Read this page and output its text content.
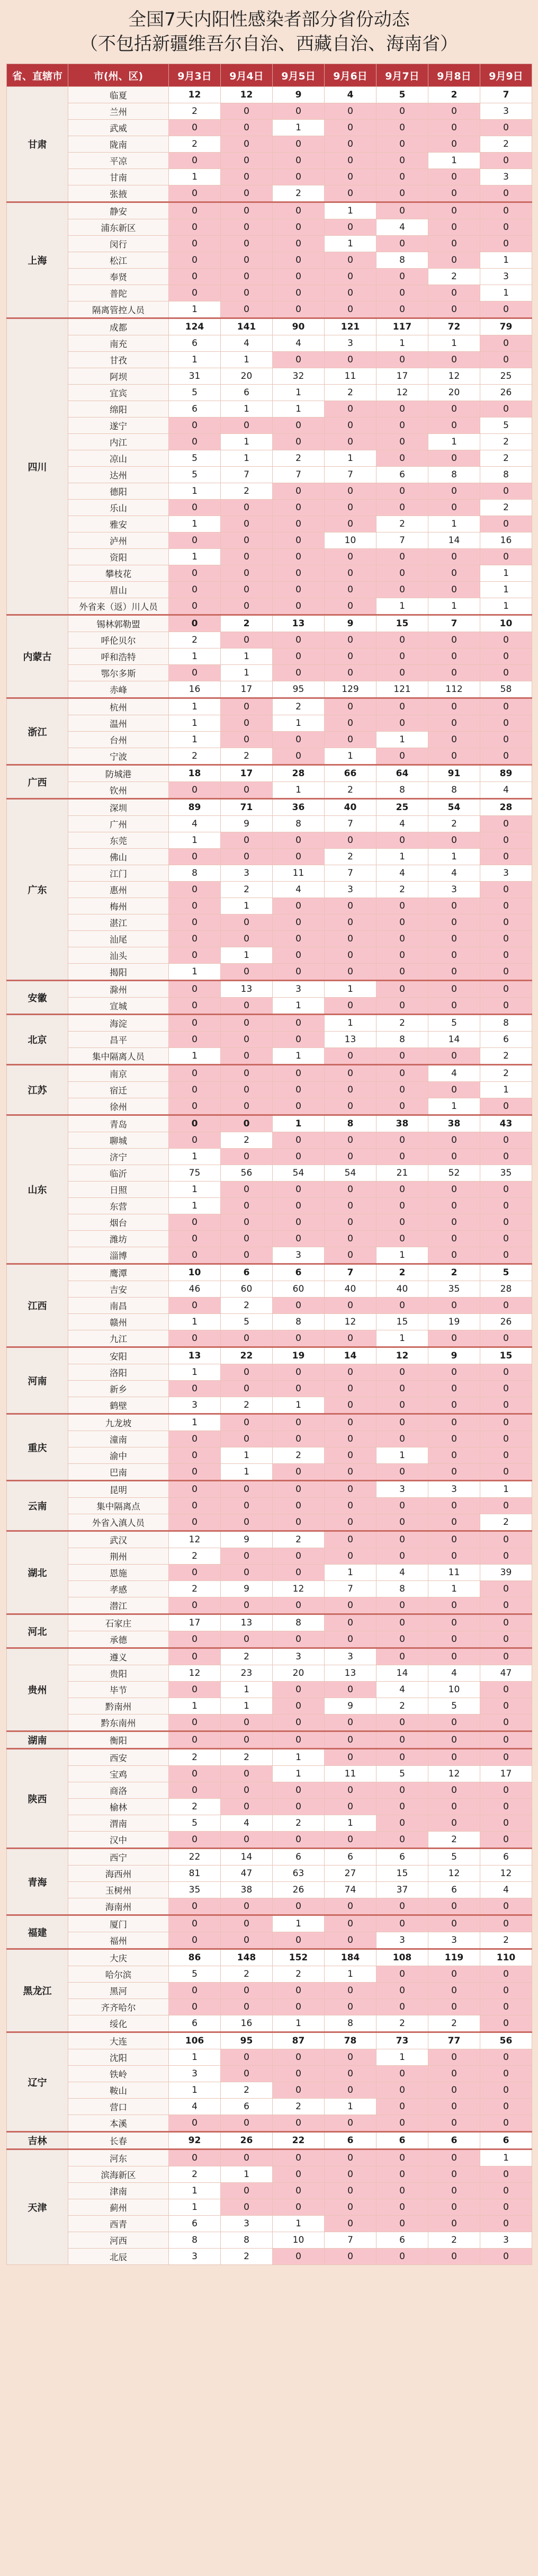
全国7天内阳性感染者部分省份动态
（不包括新疆维吾尔自治、西藏自治、海南省）
省、直辖市	市(州、区)	9月3日	9月4日	9月5日	9月6日	9月7日	9月8日	9月9日
甘肃	临夏	12	12	9	4	5	2	7
	兰州	2	0	0	0	0	0	3
	武威	0	0	1	0	0	0	0
	陇南	2	0	0	0	0	0	2
	平凉	0	0	0	0	0	1	0
	甘南	1	0	0	0	0	0	3
	张掖	0	0	2	0	0	0	0
上海	静安	0	0	0	1	0	0	0
	浦东新区	0	0	0	0	4	0	0
	闵行	0	0	0	1	0	0	0
	松江	0	0	0	0	8	0	1
	奉贤	0	0	0	0	0	2	3
	普陀	0	0	0	0	0	0	1
	隔离管控人员	1	0	0	0	0	0	0
四川	成都	124	141	90	121	117	72	79
	南充	6	4	4	3	1	1	0
	甘孜	1	1	0	0	0	0	0
	阿坝	31	20	32	11	17	12	25
	宜宾	5	6	1	2	12	20	26
	绵阳	6	1	1	0	0	0	0
	遂宁	0	0	0	0	0	0	5
	内江	0	1	0	0	0	1	2
	凉山	5	1	2	1	0	0	2
	达州	5	7	7	7	6	8	8
	德阳	1	2	0	0	0	0	0
	乐山	0	0	0	0	0	0	2
	雅安	1	0	0	0	2	1	0
	泸州	0	0	0	10	7	14	16
	资阳	1	0	0	0	0	0	0
	攀枝花	0	0	0	0	0	0	1
	眉山	0	0	0	0	0	0	1
	外省来（返）川人员	0	0	0	0	1	1	1
内蒙古	锡林郭勒盟	0	2	13	9	15	7	10
	呼伦贝尔	2	0	0	0	0	0	0
	呼和浩特	1	1	0	0	0	0	0
	鄂尔多斯	0	1	0	0	0	0	0
	赤峰	16	17	95	129	121	112	58
浙江	杭州	1	0	2	0	0	0	0
	温州	1	0	1	0	0	0	0
	台州	1	0	0	0	1	0	0
	宁波	2	2	0	1	0	0	0
广西	防城港	18	17	28	66	64	91	89
	钦州	0	0	1	2	8	8	4
广东	深圳	89	71	36	40	25	54	28
	广州	4	9	8	7	4	2	0
	东莞	1	0	0	0	0	0	0
	佛山	0	0	0	2	1	1	0
	江门	8	3	11	7	4	4	3
	惠州	0	2	4	3	2	3	0
	梅州	0	1	0	0	0	0	0
	湛江	0	0	0	0	0	0	0
	汕尾	0	0	0	0	0	0	0
	汕头	0	1	0	0	0	0	0
	揭阳	1	0	0	0	0	0	0
安徽	滁州	0	13	3	1	0	0	0
	宣城	0	0	1	0	0	0	0
北京	海淀	0	0	0	1	2	5	8
	昌平	0	0	0	13	8	14	6
	集中隔离人员	1	0	1	0	0	0	2
江苏	南京	0	0	0	0	0	4	2
	宿迁	0	0	0	0	0	0	1
	徐州	0	0	0	0	0	1	0
山东	青岛	0	0	1	8	38	38	43
	聊城	0	2	0	0	0	0	0
	济宁	1	0	0	0	0	0	0
	临沂	75	56	54	54	21	52	35
	日照	1	0	0	0	0	0	0
	东营	1	0	0	0	0	0	0
	烟台	0	0	0	0	0	0	0
	潍坊	0	0	0	0	0	0	0
	淄博	0	0	3	0	1	0	0
江西	鹰潭	10	6	6	7	2	2	5
	吉安	46	60	60	40	40	35	28
	南昌	0	2	0	0	0	0	0
	赣州	1	5	8	12	15	19	26
	九江	0	0	0	0	1	0	0
河南	安阳	13	22	19	14	12	9	15
	洛阳	1	0	0	0	0	0	0
	新乡	0	0	0	0	0	0	0
	鹤壁	3	2	1	0	0	0	0
重庆	九龙坡	1	0	0	0	0	0	0
	潼南	0	0	0	0	0	0	0
	渝中	0	1	2	0	1	0	0
	巴南	0	1	0	0	0	0	0
云南	昆明	0	0	0	0	3	3	1
	集中隔离点	0	0	0	0	0	0	0
	外省入滇人员	0	0	0	0	0	0	2
湖北	武汉	12	9	2	0	0	0	0
	荆州	2	0	0	0	0	0	0
	恩施	0	0	0	1	4	11	39
	孝感	2	9	12	7	8	1	0
	潜江	0	0	0	0	0	0	0
河北	石家庄	17	13	8	0	0	0	0
	承德	0	0	0	0	0	0	0
贵州	遵义	0	2	3	3	0	0	0
	贵阳	12	23	20	13	14	4	47
	毕节	0	1	0	0	4	10	0
	黔南州	1	1	0	9	2	5	0
	黔东南州	0	0	0	0	0	0	0
湖南	衡阳	0	0	0	0	0	0	0
陕西	西安	2	2	1	0	0	0	0
	宝鸡	0	0	1	11	5	12	17
	商洛	0	0	0	0	0	0	0
	榆林	2	0	0	0	0	0	0
	渭南	5	4	2	1	0	0	0
	汉中	0	0	0	0	0	2	0
青海	西宁	22	14	6	6	6	5	6
	海西州	81	47	63	27	15	12	12
	玉树州	35	38	26	74	37	6	4
	海南州	0	0	0	0	0	0	0
福建	厦门	0	0	1	0	0	0	0
	福州	0	0	0	0	3	3	2
黑龙江	大庆	86	148	152	184	108	119	110
	哈尔滨	5	2	2	1	0	0	0
	黑河	0	0	0	0	0	0	0
	齐齐哈尔	0	0	0	0	0	0	0
	绥化	6	16	1	8	2	2	0
辽宁	大连	106	95	87	78	73	77	56
	沈阳	1	0	0	0	1	0	0
	铁岭	3	0	0	0	0	0	0
	鞍山	1	2	0	0	0	0	0
	营口	4	6	2	1	0	0	0
	本溪	0	0	0	0	0	0	0
吉林	长春	92	26	22	6	6	6	6
天津	河东	0	0	0	0	0	0	1
	滨海新区	2	1	0	0	0	0	0
	津南	1	0	0	0	0	0	0
	蓟州	1	0	0	0	0	0	0
	西青	6	3	1	0	0	0	0
	河西	8	8	10	7	6	2	3
	北辰	3	2	0	0	0	0	0
